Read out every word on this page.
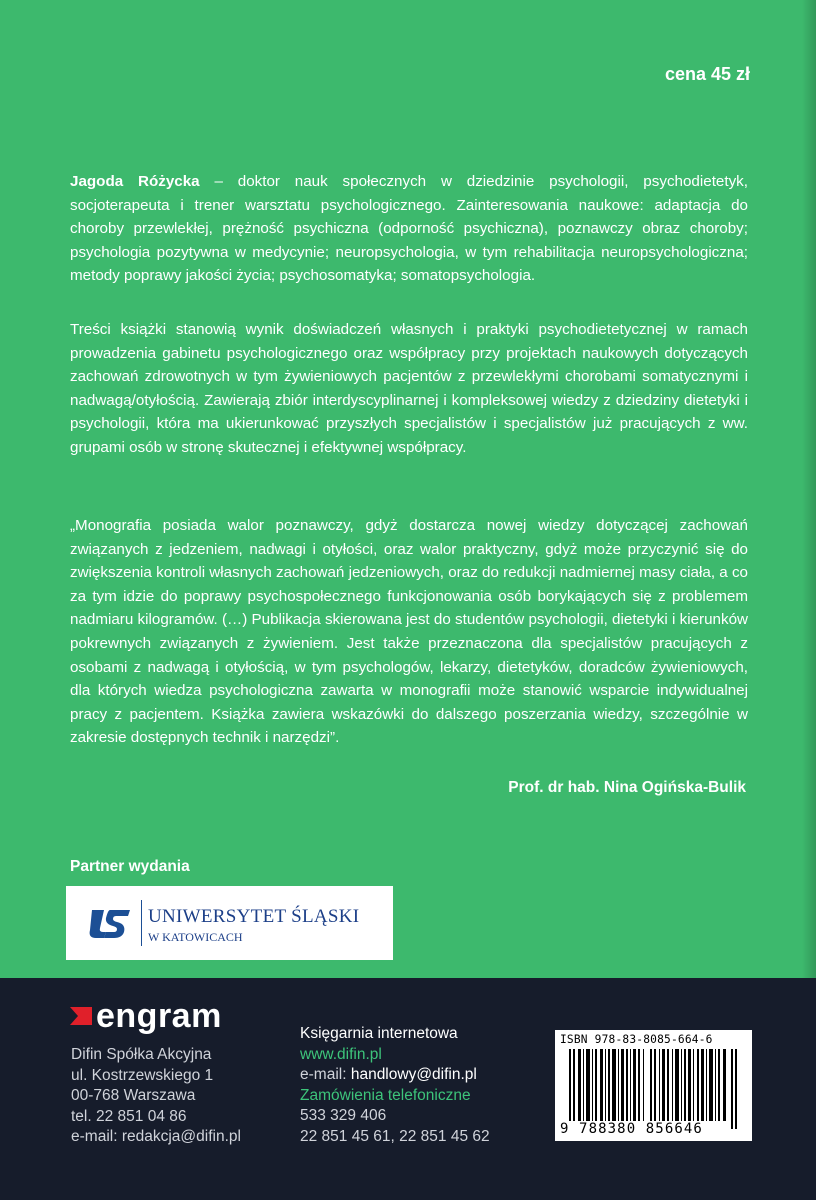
cena 45 zł

Jagoda Różycka – doktor nauk społecznych w dziedzinie psychologii, psychodietetyk, socjoterapeuta i trener warsztatu psychologicznego. Zainteresowania naukowe: adaptacja do choroby przewlekłej, prężność psychiczna (odporność psychiczna), poznawczy obraz choroby; psychologia pozytywna w medycynie; neuropsychologia, w tym rehabilitacja neuropsychologiczna; metody poprawy jakości życia; psychosomatyka; somatopsychologia.

Treści książki stanowią wynik doświadczeń własnych i praktyki psychodietetycznej w ramach prowadzenia gabinetu psychologicznego oraz współpracy przy projektach naukowych dotyczących zachowań zdrowotnych w tym żywieniowych pacjentów z przewlekłymi chorobami somatycznymi i nadwagą/otyłością. Zawierają zbiór interdyscyplinarnej i kompleksowej wiedzy z dziedziny dietetyki i psychologii, która ma ukierunkować przyszłych specjalistów i specjalistów już pracujących z ww. grupami osób w stronę skutecznej i efektywnej współpracy.

„Monografia posiada walor poznawczy, gdyż dostarcza nowej wiedzy dotyczącej zachowań związanych z jedzeniem, nadwagi i otyłości, oraz walor praktyczny, gdyż może przyczynić się do zwiększenia kontroli własnych zachowań jedzeniowych, oraz do redukcji nadmiernej masy ciała, a co za tym idzie do poprawy psychospołecznego funkcjonowania osób borykających się z problemem nadmiaru kilogramów. (…) Publikacja skierowana jest do studentów psychologii, dietetyki i kierunków pokrewnych związanych z żywieniem. Jest także przeznaczona dla specjalistów pracujących z osobami z nadwagą i otyłością, w tym psychologów, lekarzy, dietetyków, doradców żywieniowych, dla których wiedza psychologiczna zawarta w monografii może stanowić wsparcie indywidualnej pracy z pacjentem. Książka zawiera wskazówki do dalszego poszerzania wiedzy, szczególnie w zakresie dostępnych technik i narzędzi”.

Prof. dr hab. Nina Ogińska-Bulik
Partner wydania
UNIWERSYTET ŚLĄSKI
W KATOWICACH
engram
Difin Spółka Akcyjna
ul. Kostrzewskiego 1
00-768 Warszawa
tel. 22 851 04 86
e-mail: redakcja@difin.pl
Księgarnia internetowa
www.difin.pl
e-mail: handlowy@difin.pl
Zamówienia telefoniczne
533 329 406
22 851 45 61, 22 851 45 62
ISBN 978-83-8085-664-6
9 788380 856646
